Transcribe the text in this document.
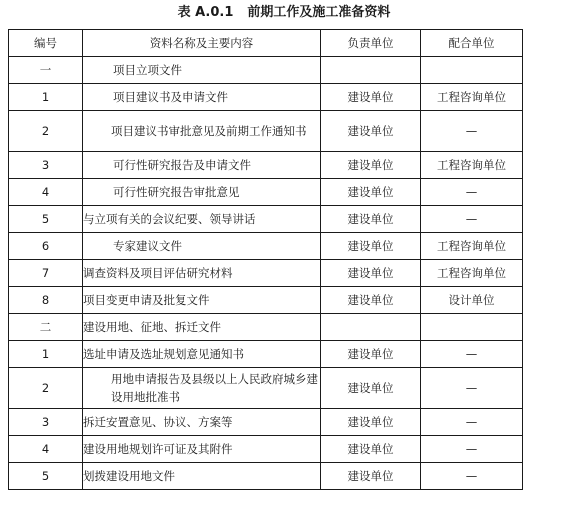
表 A.0.1 前期工作及施工准备资料
编号	资料名称及主要内容	负责单位	配合单位
一	项目立项文件		
1	项目建议书及申请文件	建设单位	工程咨询单位
2	项目建议书审批意见及前期工作通知书	建设单位	—
3	可行性研究报告及申请文件	建设单位	工程咨询单位
4	可行性研究报告审批意见	建设单位	—
5	与立项有关的会议纪要、领导讲话	建设单位	—
6	专家建议文件	建设单位	工程咨询单位
7	调查资料及项目评估研究材料	建设单位	工程咨询单位
8	项目变更申请及批复文件	建设单位	设计单位
二	建设用地、征地、拆迁文件		
1	选址申请及选址规划意见通知书	建设单位	—
2	用地申请报告及县级以上人民政府城乡建设用地批准书	建设单位	—
3	拆迁安置意见、协议、方案等	建设单位	—
4	建设用地规划许可证及其附件	建设单位	—
5	划拨建设用地文件	建设单位	—
